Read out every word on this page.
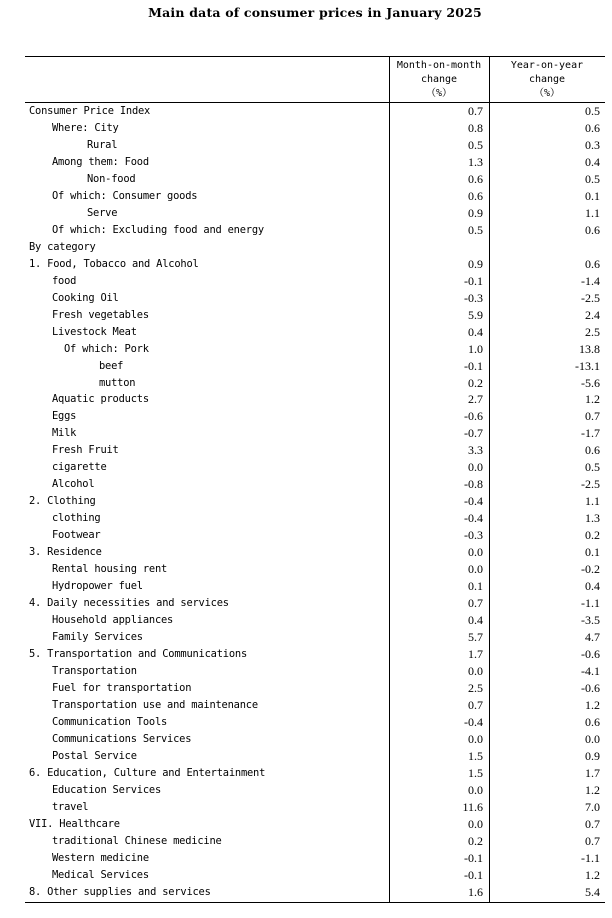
Main data of consumer prices in January 2025
Month-on-month
change
（%）
Year-on-year
change
（%）
Consumer Price Index	0.7	0.5
Where: City	0.8	0.6
Rural	0.5	0.3
Among them: Food	1.3	0.4
Non-food	0.6	0.5
Of which: Consumer goods	0.6	0.1
Serve	0.9	1.1
Of which: Excluding food and energy	0.5	0.6
By category
1. Food, Tobacco and Alcohol	0.9	0.6
food	-0.1	-1.4
Cooking Oil	-0.3	-2.5
Fresh vegetables	5.9	2.4
Livestock Meat	0.4	2.5
Of which: Pork	1.0	13.8
beef	-0.1	-13.1
mutton	0.2	-5.6
Aquatic products	2.7	1.2
Eggs	-0.6	0.7
Milk	-0.7	-1.7
Fresh Fruit	3.3	0.6
cigarette	0.0	0.5
Alcohol	-0.8	-2.5
2. Clothing	-0.4	1.1
clothing	-0.4	1.3
Footwear	-0.3	0.2
3. Residence	0.0	0.1
Rental housing rent	0.0	-0.2
Hydropower fuel	0.1	0.4
4. Daily necessities and services	0.7	-1.1
Household appliances	0.4	-3.5
Family Services	5.7	4.7
5. Transportation and Communications	1.7	-0.6
Transportation	0.0	-4.1
Fuel for transportation	2.5	-0.6
Transportation use and maintenance	0.7	1.2
Communication Tools	-0.4	0.6
Communications Services	0.0	0.0
Postal Service	1.5	0.9
6. Education, Culture and Entertainment	1.5	1.7
Education Services	0.0	1.2
travel	11.6	7.0
VII. Healthcare	0.0	0.7
traditional Chinese medicine	0.2	0.7
Western medicine	-0.1	-1.1
Medical Services	-0.1	1.2
8. Other supplies and services	1.6	5.4
